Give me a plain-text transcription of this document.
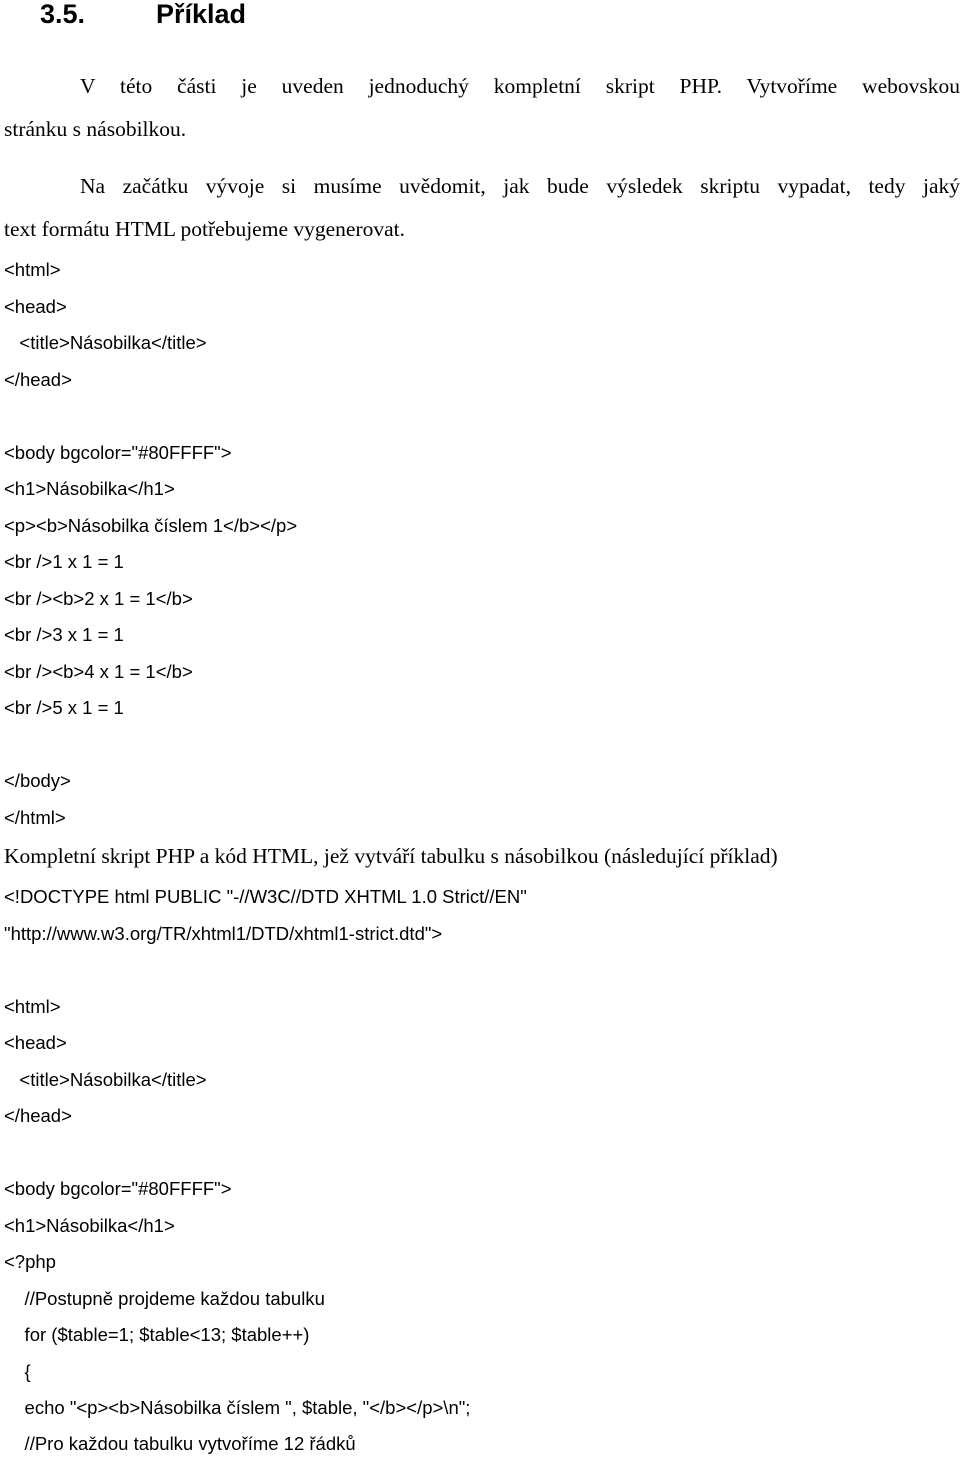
3.5.	Příklad

V této části je uveden jednoduchý kompletní skript PHP. Vytvoříme webovskou

stránku s násobilkou.

Na začátku vývoje si musíme uvědomit, jak bude výsledek skriptu vypadat, tedy jaký

text formátu HTML potřebujeme vygenerovat.

<html>
<head>
<title>Násobilka</title>
</head>
<body bgcolor="#80FFFF">
<h1>Násobilka</h1>
<p><b>Násobilka číslem 1</b></p>
<br />1 x 1 = 1
<br /><b>2 x 1 = 1</b>
<br />3 x 1 = 1
<br /><b>4 x 1 = 1</b>
<br />5 x 1 = 1
</body>
</html>

Kompletní skript PHP a kód HTML, jež vytváří tabulku s násobilkou (následující příklad)

<!DOCTYPE html PUBLIC "-//W3C//DTD XHTML 1.0 Strict//EN"
"http://www.w3.org/TR/xhtml1/DTD/xhtml1-strict.dtd">
<html>
<head>
<title>Násobilka</title>
</head>
<body bgcolor="#80FFFF">
<h1>Násobilka</h1>
<?php
//Postupně projdeme každou tabulku
for ($table=1; $table<13; $table++)
{
echo "<p><b>Násobilka číslem ", $table, "</b></p>\n";
//Pro každou tabulku vytvoříme 12 řádků
